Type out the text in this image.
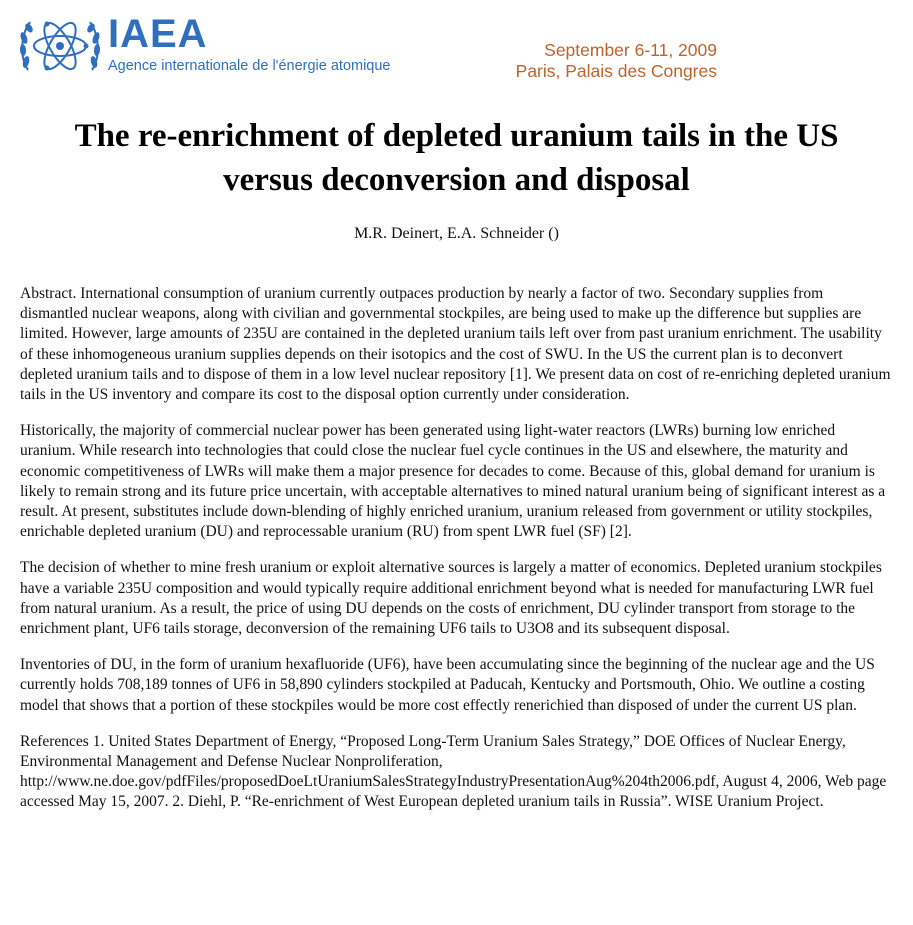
IAEA
Agence internationale de l'énergie atomique
September 6-11, 2009
Paris, Palais des Congres
The re-enrichment of depleted uranium tails in the US
versus deconversion and disposal
M.R. Deinert, E.A. Schneider ()

Abstract. International consumption of uranium currently outpaces production by nearly a factor of two. Secondary supplies from dismantled nuclear weapons, along with civilian and governmental stockpiles, are being used to make up the difference but supplies are limited. However, large amounts of 235U are contained in the depleted uranium tails left over from past uranium enrichment. The usability of these inhomogeneous uranium supplies depends on their isotopics and the cost of SWU. In the US the current plan is to deconvert depleted uranium tails and to dispose of them in a low level nuclear repository [1]. We present data on cost of re-enriching depleted uranium tails in the US inventory and compare its cost to the disposal option currently under consideration.

Historically, the majority of commercial nuclear power has been generated using light-water reactors (LWRs) burning low enriched uranium. While research into technologies that could close the nuclear fuel cycle continues in the US and elsewhere, the maturity and economic competitiveness of LWRs will make them a major presence for decades to come. Because of this, global demand for uranium is likely to remain strong and its future price uncertain, with acceptable alternatives to mined natural uranium being of significant interest as a result. At present, substitutes include down-blending of highly enriched uranium, uranium released from government or utility stockpiles, enrichable depleted uranium (DU) and reprocessable uranium (RU) from spent LWR fuel (SF) [2].

The decision of whether to mine fresh uranium or exploit alternative sources is largely a matter of economics. Depleted uranium stockpiles have a variable 235U composition and would typically require additional enrichment beyond what is needed for manufacturing LWR fuel from natural uranium. As a result, the price of using DU depends on the costs of enrichment, DU cylinder transport from storage to the enrichment plant, UF6 tails storage, deconversion of the remaining UF6 tails to U3O8 and its subsequent disposal.

Inventories of DU, in the form of uranium hexafluoride (UF6), have been accumulating since the beginning of the nuclear age and the US currently holds 708,189 tonnes of UF6 in 58,890 cylinders stockpiled at Paducah, Kentucky and Portsmouth, Ohio. We outline a costing model that shows that a portion of these stockpiles would be more cost effectly renerichied than disposed of under the current US plan.

References 1. United States Department of Energy, “Proposed Long-Term Uranium Sales Strategy,” DOE Offices of Nuclear Energy, Environmental Management and Defense Nuclear Nonproliferation, http://www.ne.doe.gov/pdfFiles/proposedDoeLtUraniumSalesStrategyIndustryPresentationAug%204th2006.pdf, August 4, 2006, Web page accessed May 15, 2007. 2. Diehl, P. “Re-enrichment of West European depleted uranium tails in Russia”. WISE Uranium Project.
